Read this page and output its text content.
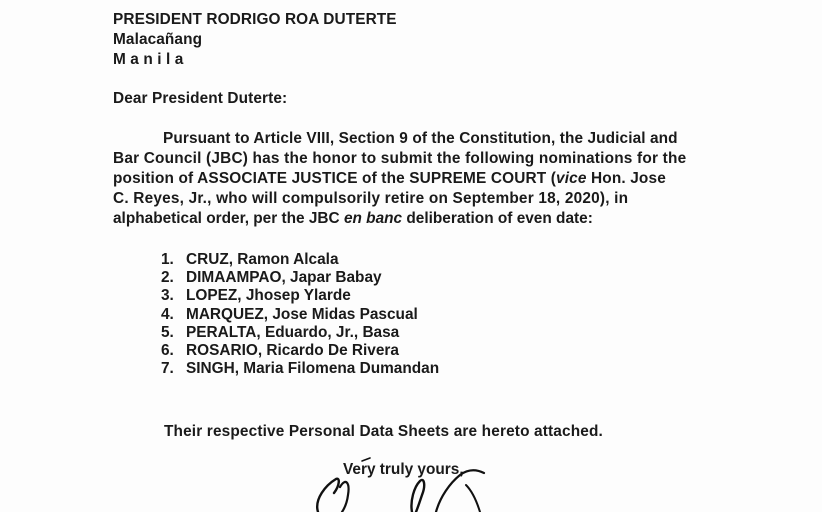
PRESIDENT RODRIGO ROA DUTERTE
Malacañang
M a n i l a
Dear President Duterte:
Pursuant to Article VIII, Section 9 of the Constitution, the Judicial and
Bar Council (JBC) has the honor to submit the following nominations for the
position of ASSOCIATE JUSTICE of the SUPREME COURT (vice Hon. Jose
C. Reyes, Jr., who will compulsorily retire on September 18, 2020), in
alphabetical order, per the JBC en banc deliberation of even date:
1. CRUZ, Ramon Alcala
2. DIMAAMPAO, Japar Babay
3. LOPEZ, Jhosep Ylarde
4. MARQUEZ, Jose Midas Pascual
5. PERALTA, Eduardo, Jr., Basa
6. ROSARIO, Ricardo De Rivera
7. SINGH, Maria Filomena Dumandan
Their respective Personal Data Sheets are hereto attached.
Very truly yours,
